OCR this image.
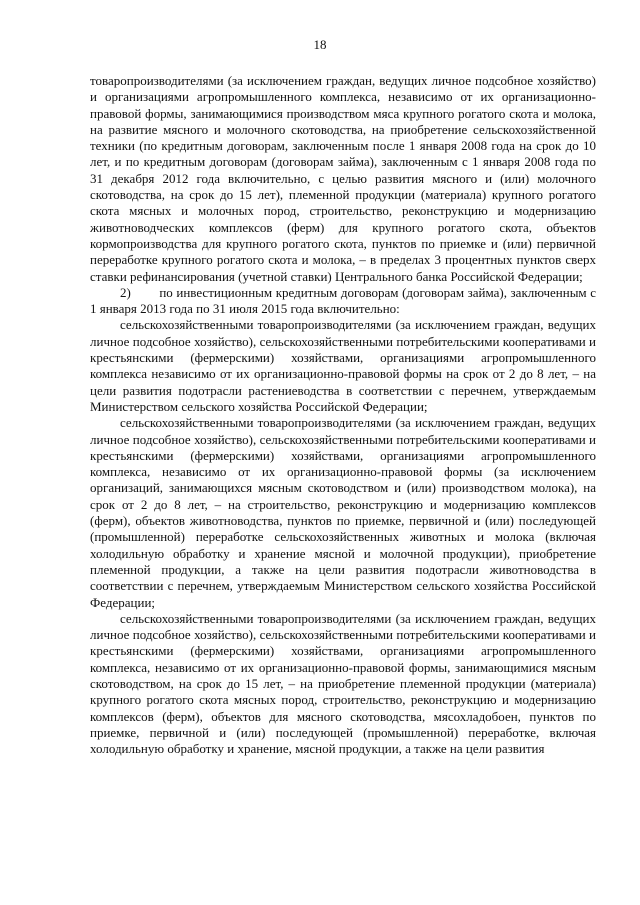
18

товаропроизводителями (за исключением граждан, ведущих личное подсобное хозяйство) и организациями агропромышленного комплекса, независимо от их организационно-правовой формы, занимающимися производством мяса крупного рогатого скота и молока, на развитие мясного и молочного скотоводства, на приобретение сельскохозяйственной техники (по кредитным договорам, заключенным после 1 января 2008 года на срок до 10 лет, и по кредитным договорам (договорам займа), заключенным с 1 января 2008 года по 31 декабря 2012 года включительно, с целью развития мясного и (или) молочного скотоводства, на срок до 15 лет), племенной продукции (материала) крупного рогатого скота мясных и молочных пород, строительство, реконструкцию и модернизацию животноводческих комплексов (ферм) для крупного рогатого скота, объектов кормопроизводства для крупного рогатого скота, пунктов по приемке и (или) первичной переработке крупного рогатого скота и молока, – в пределах 3 процентных пунктов сверх ставки рефинансирования (учетной ставки) Центрального банка Российской Федерации;

2)        по инвестиционным кредитным договорам (договорам займа), заключенным с 1 января 2013 года по 31 июля 2015 года включительно:

сельскохозяйственными товаропроизводителями (за исключением граждан, ведущих личное подсобное хозяйство), сельскохозяйственными потребительскими кооперативами и крестьянскими (фермерскими) хозяйствами, организациями агропромышленного комплекса независимо от их организационно-правовой формы на срок от 2 до 8 лет, – на цели развития подотрасли растениеводства в соответствии с перечнем, утверждаемым Министерством сельского хозяйства Российской Федерации;

сельскохозяйственными товаропроизводителями (за исключением граждан, ведущих личное подсобное хозяйство), сельскохозяйственными потребительскими кооперативами и крестьянскими (фермерскими) хозяйствами, организациями агропромышленного комплекса, независимо от их организационно-правовой формы (за исключением организаций, занимающихся мясным скотоводством и (или) производством молока), на срок от 2 до 8 лет, – на строительство, реконструкцию и модернизацию комплексов (ферм), объектов животноводства, пунктов по приемке, первичной и (или) последующей (промышленной) переработке сельскохозяйственных животных и молока (включая холодильную обработку и хранение мясной и молочной продукции), приобретение племенной продукции, а также на цели развития подотрасли животноводства в соответствии с перечнем, утверждаемым Министерством сельского хозяйства Российской Федерации;

сельскохозяйственными товаропроизводителями (за исключением граждан, ведущих личное подсобное хозяйство), сельскохозяйственными потребительскими кооперативами и крестьянскими (фермерскими) хозяйствами, организациями агропромышленного комплекса, независимо от их организационно-правовой формы, занимающимися мясным скотоводством, на срок до 15 лет, – на приобретение племенной продукции (материала) крупного рогатого скота мясных пород, строительство, реконструкцию и модернизацию комплексов (ферм), объектов для мясного скотоводства, мясохладобоен, пунктов по приемке, первичной и (или) последующей (промышленной) переработке, включая холодильную обработку и хранение, мясной продукции, а также на цели развития
